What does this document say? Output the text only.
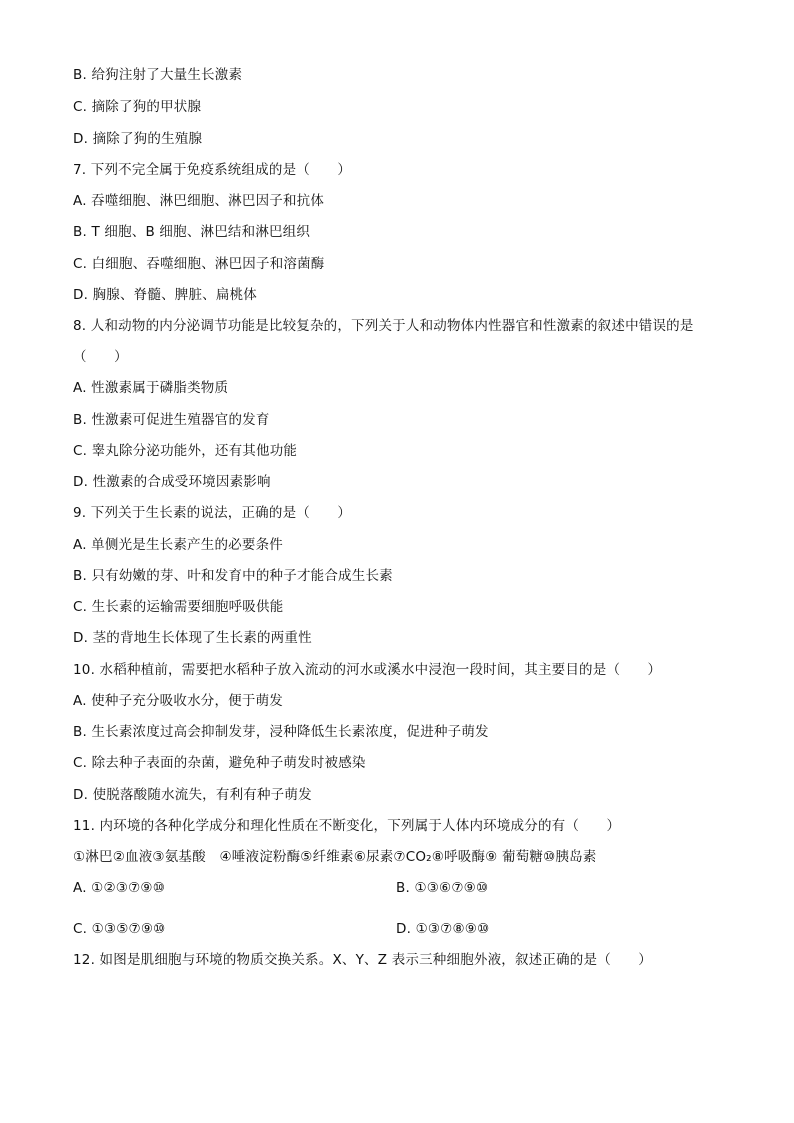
B. 给狗注射了大量生长激素
C. 摘除了狗的甲状腺
D. 摘除了狗的生殖腺
7. 下列不完全属于免疫系统组成的是（　　）
A. 吞噬细胞、淋巴细胞、淋巴因子和抗体
B. T 细胞、B 细胞、淋巴结和淋巴组织
C. 白细胞、吞噬细胞、淋巴因子和溶菌酶
D. 胸腺、脊髓、脾脏、扁桃体
8. 人和动物的内分泌调节功能是比较复杂的，下列关于人和动物体内性器官和性激素的叙述中错误的是
（　　）
A. 性激素属于磷脂类物质
B. 性激素可促进生殖器官的发育
C. 睾丸除分泌功能外，还有其他功能
D. 性激素的合成受环境因素影响
9. 下列关于生长素的说法，正确的是（　　）
A. 单侧光是生长素产生的必要条件
B. 只有幼嫩的芽、叶和发育中的种子才能合成生长素
C. 生长素的运输需要细胞呼吸供能
D. 茎的背地生长体现了生长素的两重性
10. 水稻种植前，需要把水稻种子放入流动的河水或溪水中浸泡一段时间，其主要目的是（　　）
A. 使种子充分吸收水分，便于萌发
B. 生长素浓度过高会抑制发芽，浸种降低生长素浓度，促进种子萌发
C. 除去种子表面的杂菌，避免种子萌发时被感染
D. 使脱落酸随水流失，有利有种子萌发
11. 内环境的各种化学成分和理化性质在不断变化，下列属于人体内环境成分的有（　　）
①淋巴②血液③氨基酸　④唾液淀粉酶⑤纤维素⑥尿素⑦CO₂⑧呼吸酶⑨ 葡萄糖⑩胰岛素
A. ①②③⑦⑨⑩	B. ①③⑥⑦⑨⑩
C. ①③⑤⑦⑨⑩	D. ①③⑦⑧⑨⑩
12. 如图是肌细胞与环境的物质交换关系。X、Y、Z 表示三种细胞外液，叙述正确的是（　　）
